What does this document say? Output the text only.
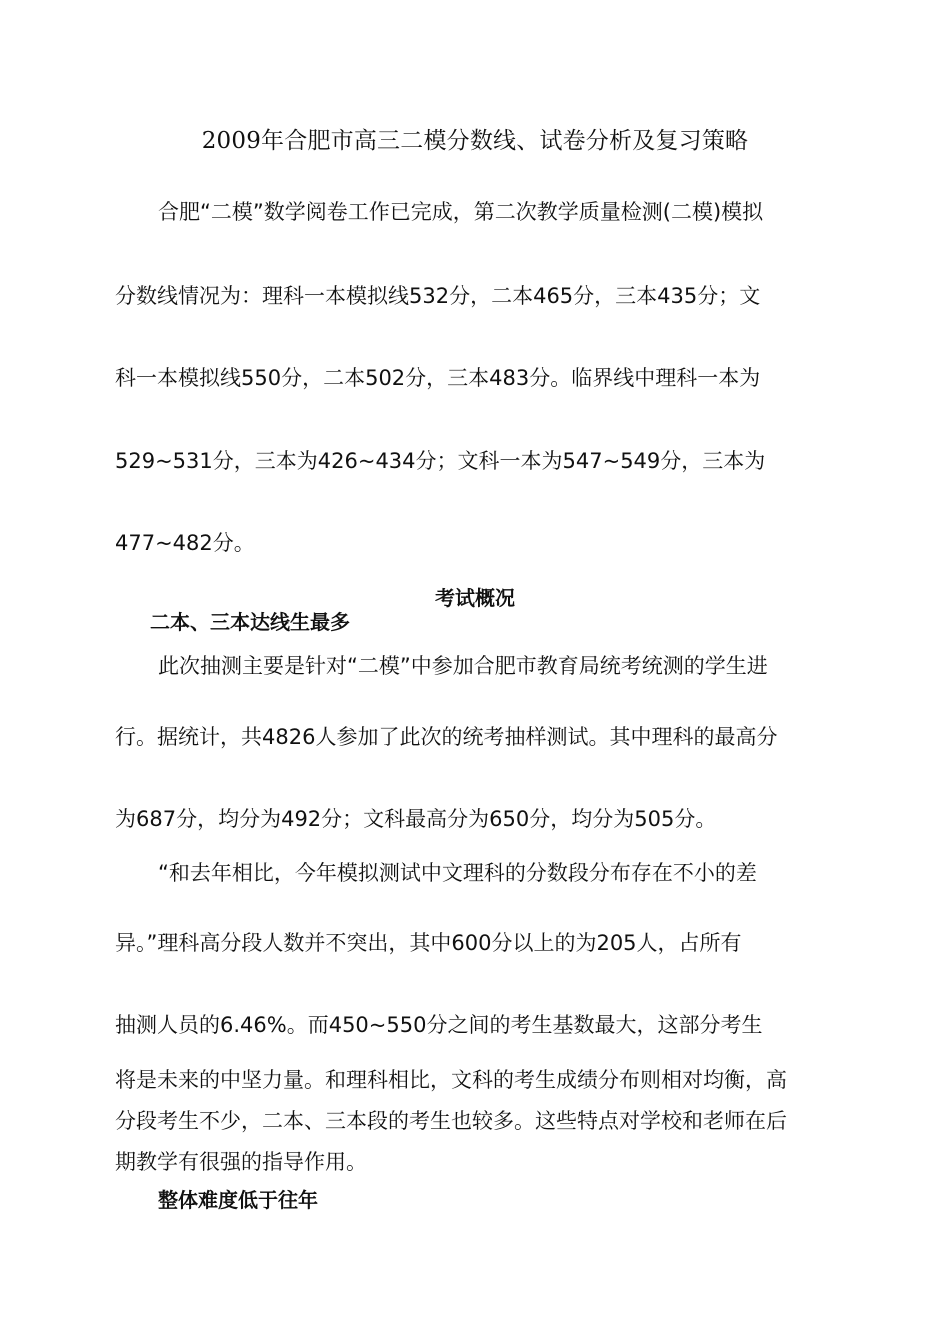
2009年合肥市高三二模分数线、试卷分析及复习策略

合肥“二模”数学阅卷工作已完成，第二次教学质量检测(二模)模拟

分数线情况为：理科一本模拟线532分，二本465分，三本435分；文

科一本模拟线550分，二本502分，三本483分。临界线中理科一本为

529~531分，三本为426~434分；文科一本为547~549分，三本为

477~482分。

考试概况
二本、三本达线生最多

此次抽测主要是针对“二模”中参加合肥市教育局统考统测的学生进

行。据统计，共4826人参加了此次的统考抽样测试。其中理科的最高分

为687分，均分为492分；文科最高分为650分，均分为505分。

“和去年相比，今年模拟测试中文理科的分数段分布存在不小的差

异。”理科高分段人数并不突出，其中600分以上的为205人，占所有

抽测人员的6.46%。而450~550分之间的考生基数最大，这部分考生

将是未来的中坚力量。和理科相比，文科的考生成绩分布则相对均衡，高

分段考生不少，二本、三本段的考生也较多。这些特点对学校和老师在后

期教学有很强的指导作用。

整体难度低于往年
